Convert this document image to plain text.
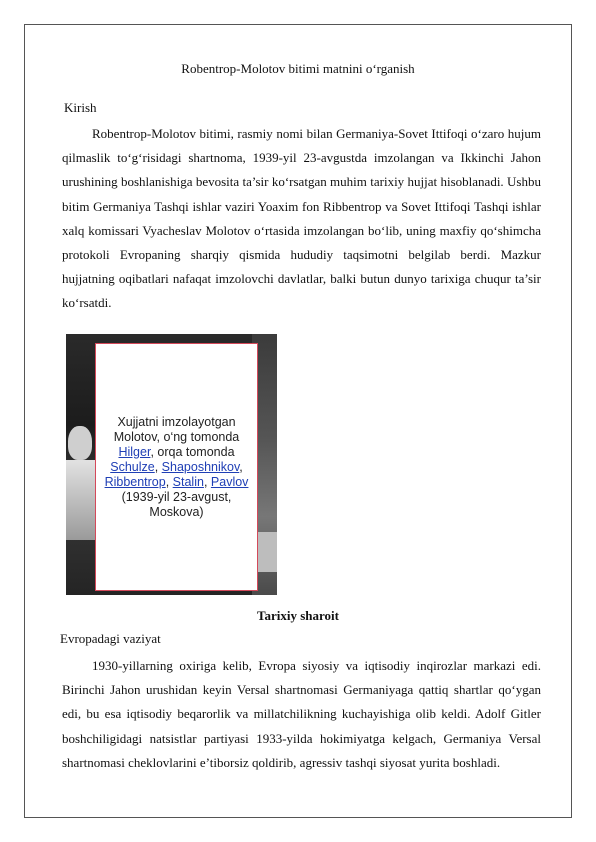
Robentrop-Molotov bitimi matnini o‘rganish
Kirish

Robentrop-Molotov bitimi, rasmiy nomi bilan Germaniya-Sovet Ittifoqi o‘zaro hujum qilmaslik to‘g‘risidagi shartnoma, 1939-yil 23-avgustda imzolangan va Ikkinchi Jahon urushining boshlanishiga bevosita ta’sir ko‘rsatgan muhim tarixiy hujjat hisoblanadi. Ushbu bitim Germaniya Tashqi ishlar vaziri Yoaxim fon Ribbentrop va Sovet Ittifoqi Tashqi ishlar xalq komissari Vyacheslav Molotov o‘rtasida imzolangan bo‘lib, uning maxfiy qo‘shimcha protokoli Evropaning sharqiy qismida hududiy taqsimotni belgilab berdi. Mazkur hujjatning oqibatlari nafaqat imzolovchi davlatlar, balki butun dunyo tarixiga chuqur ta’sir ko‘rsatdi.

Xujjatni imzolayotgan Molotov, o‘ng tomonda Hilger, orqa tomonda Schulze, Shaposhnikov, Ribbentrop, Stalin, Pavlov (1939-yil 23-avgust, Moskova)
Tarixiy sharoit
Evropadagi vaziyat

1930-yillarning oxiriga kelib, Evropa siyosiy va iqtisodiy inqirozlar markazi edi. Birinchi Jahon urushidan keyin Versal shartnomasi Germaniyaga qattiq shartlar qo‘ygan edi, bu esa iqtisodiy beqarorlik va millatchilikning kuchayishiga olib keldi. Adolf Gitler boshchiligidagi natsistlar partiyasi 1933-yilda hokimiyatga kelgach, Germaniya Versal shartnomasi cheklovlarini e’tiborsiz qoldirib, agressiv tashqi siyosat yurita boshladi.
